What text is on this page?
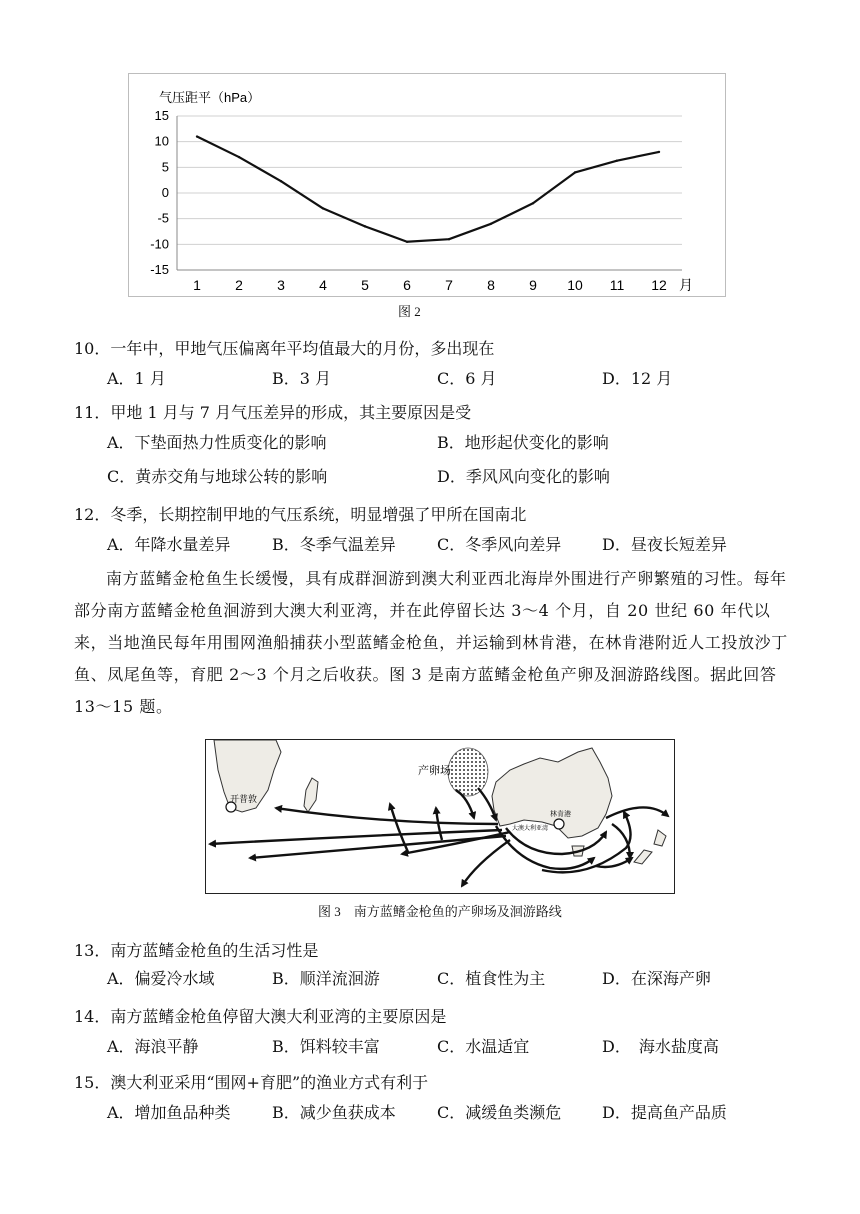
气压距平（hPa）
月
15
10
5
0
-5
-10
-15
1 2 3 4 5 6 7 8 9 10 11 12
图 2
10．一年中，甲地气压偏离年平均值最大的月份，多出现在
A．1 月	B．3 月	C．6 月	D．12 月
11．甲地 1 月与 7 月气压差异的形成，其主要原因是受
A．下垫面热力性质变化的影响	B．地形起伏变化的影响
C．黄赤交角与地球公转的影响	D．季风风向变化的影响
12．冬季，长期控制甲地的气压系统，明显增强了甲所在国南北
A．年降水量差异	B．冬季气温差异	C．冬季风向差异	D．昼夜长短差异
南方蓝鳍金枪鱼生长缓慢，具有成群洄游到澳大利亚西北海岸外围进行产卵繁殖的习性。每年部分南方蓝鳍金枪鱼洄游到大澳大利亚湾，并在此停留长达 3～4 个月，自 20 世纪 60 年代以来，当地渔民每年用围网渔船捕获小型蓝鳍金枪鱼，并运输到林肯港，在林肯港附近人工投放沙丁鱼、凤尾鱼等，育肥 2～3 个月之后收获。图 3 是南方蓝鳍金枪鱼产卵及洄游路线图。据此回答 13～15 题。
产卵场
开普敦
林肯港
大澳大利亚湾
图 3　南方蓝鳍金枪鱼的产卵场及洄游路线
13．南方蓝鳍金枪鱼的生活习性是
A．偏爱冷水域	B．顺洋流洄游	C．植食性为主	D．在深海产卵
14．南方蓝鳍金枪鱼停留大澳大利亚湾的主要原因是
A．海浪平静	B．饵料较丰富	C．水温适宜	D．　海水盐度高
15．澳大利亚采用“围网+育肥”的渔业方式有利于
A．增加鱼品种类	B．减少鱼获成本	C．减缓鱼类濒危	D．提高鱼产品质
